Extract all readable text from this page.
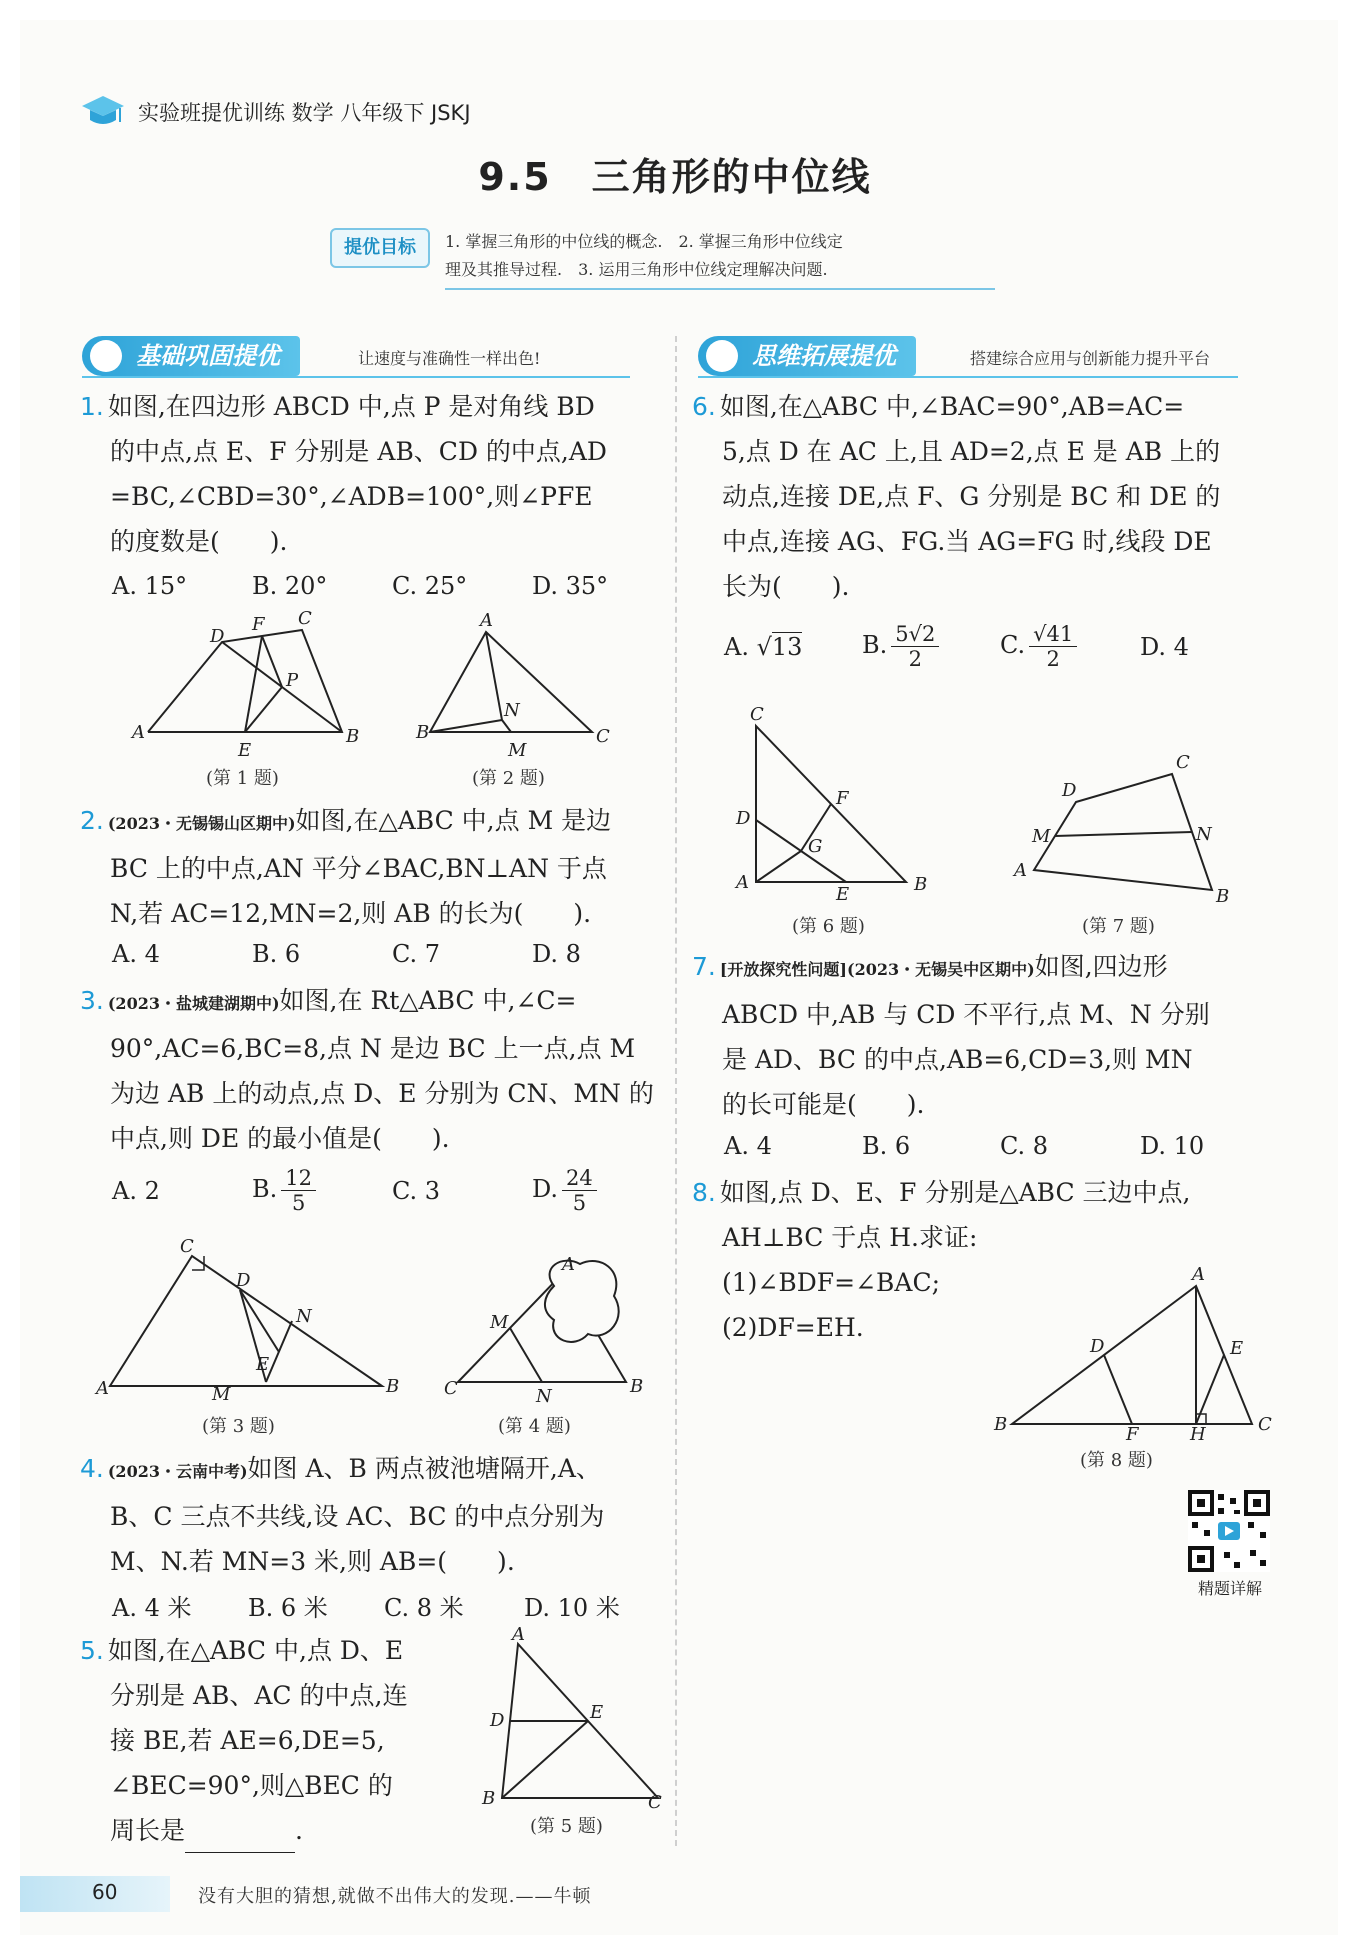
实验班提优训练 数学 八年级下 JSKJ
9.5　三角形的中位线
提优目标	1. 掌握三角形的中位线的概念.　2. 掌握三角形中位线定
理及其推导过程.　3. 运用三角形中位线定理解决问题.
基础巩固提优	让速度与准确性一样出色!	思维拓展提优	搭建综合应用与创新能力提升平台
1. 如图,在四边形 ABCD 中,点 P 是对角线 BD
的中点,点 E、F 分别是 AB、CD 的中点,AD
=BC,∠CBD=30°,∠ADB=100°,则∠PFE
的度数是(　　).
A. 15°	B. 20°	C. 25°	D. 35°
A	B
C
D
E
F
P
(第 1 题)
A
B	C
N
M
(第 2 题)
2. (2023・无锡锡山区期中)如图,在△ABC 中,点 M 是边
BC 上的中点,AN 平分∠BAC,BN⊥AN 于点
N,若 AC=12,MN=2,则 AB 的长为(　　).
A. 4	B. 6	C. 7	D. 8
3. (2023・盐城建湖期中)如图,在 Rt△ABC 中,∠C=
90°,AC=6,BC=8,点 N 是边 BC 上一点,点 M
为边 AB 上的动点,点 D、E 分别为 CN、MN 的
中点,则 DE 的最小值是(　　).
A. 2	B. $\frac{12}{5}$	C. 3	D. $\frac{24}{5}$
C
A	B
D
N
E
M
(第 3 题)
A
M
C	N	B
(第 4 题)
4. (2023・云南中考)如图 A、B 两点被池塘隔开,A、
B、C 三点不共线,设 AC、BC 的中点分别为
M、N.若 MN=3 米,则 AB=(　　).
A. 4 米	B. 6 米	C. 8 米	D. 10 米
5. 如图,在△ABC 中,点 D、E
分别是 AB、AC 的中点,连
接 BE,若 AE=6,DE=5,
∠BEC=90°,则△BEC 的
周长是	.
A
D	E
B	C
(第 5 题)
6. 如图,在△ABC 中,∠BAC=90°,AB=AC=
5,点 D 在 AC 上,且 AD=2,点 E 是 AB 上的
动点,连接 DE,点 F、G 分别是 BC 和 DE 的
中点,连接 AG、FG.当 AG=FG 时,线段 DE
长为(　　).
A. √13	B. $\frac{5√2}{2}$	C. $\frac{√41}{2}$	D. 4
C
D
A
E	B
F
G
(第 6 题)
D
C
M	N
A
B
(第 7 题)
7. [开放探究性问题](2023・无锡吴中区期中)如图,四边形
ABCD 中,AB 与 CD 不平行,点 M、N 分别
是 AD、BC 的中点,AB=6,CD=3,则 MN
的长可能是(　　).
A. 4	B. 6	C. 8	D. 10
8. 如图,点 D、E、F 分别是△ABC 三边中点,
AH⊥BC 于点 H.求证:
(1)∠BDF=∠BAC;
(2)DF=EH.
A
D	E
B	F	H	C
(第 8 题)
精题详解
60	没有大胆的猜想,就做不出伟大的发现.——牛顿
